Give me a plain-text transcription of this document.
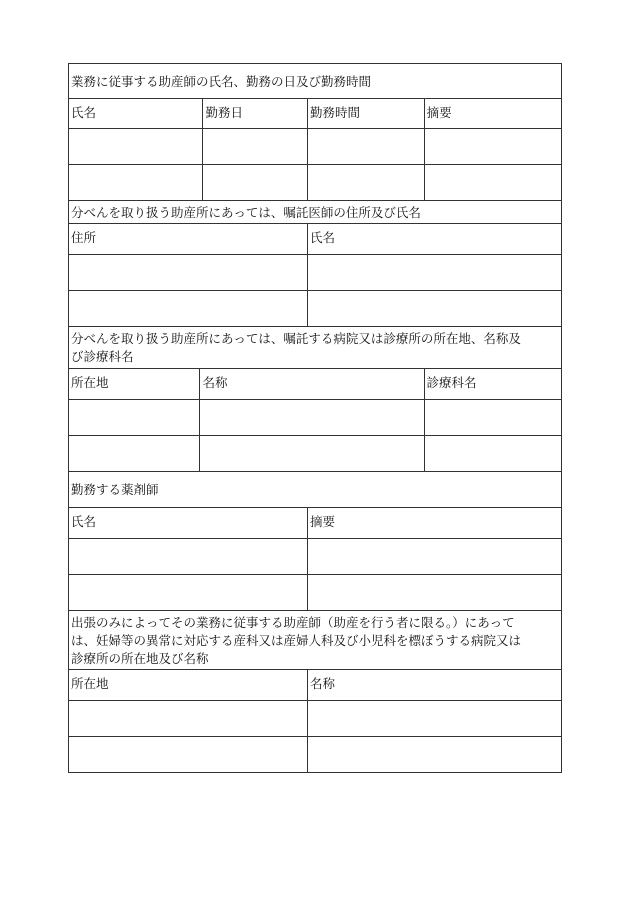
業務に従事する助産師の氏名、勤務の日及び勤務時間
氏名	勤務日	勤務時間	摘要
分べんを取り扱う助産所にあっては、嘱託医師の住所及び氏名
住所	氏名
分べんを取り扱う助産所にあっては、嘱託する病院又は診療所の所在地、名称及
び診療科名
所在地	名称	診療科名
勤務する薬剤師
氏名	摘要
出張のみによってその業務に従事する助産師（助産を行う者に限る。）にあって
は、妊婦等の異常に対応する産科又は産婦人科及び小児科を標ぼうする病院又は
診療所の所在地及び名称
所在地	名称
